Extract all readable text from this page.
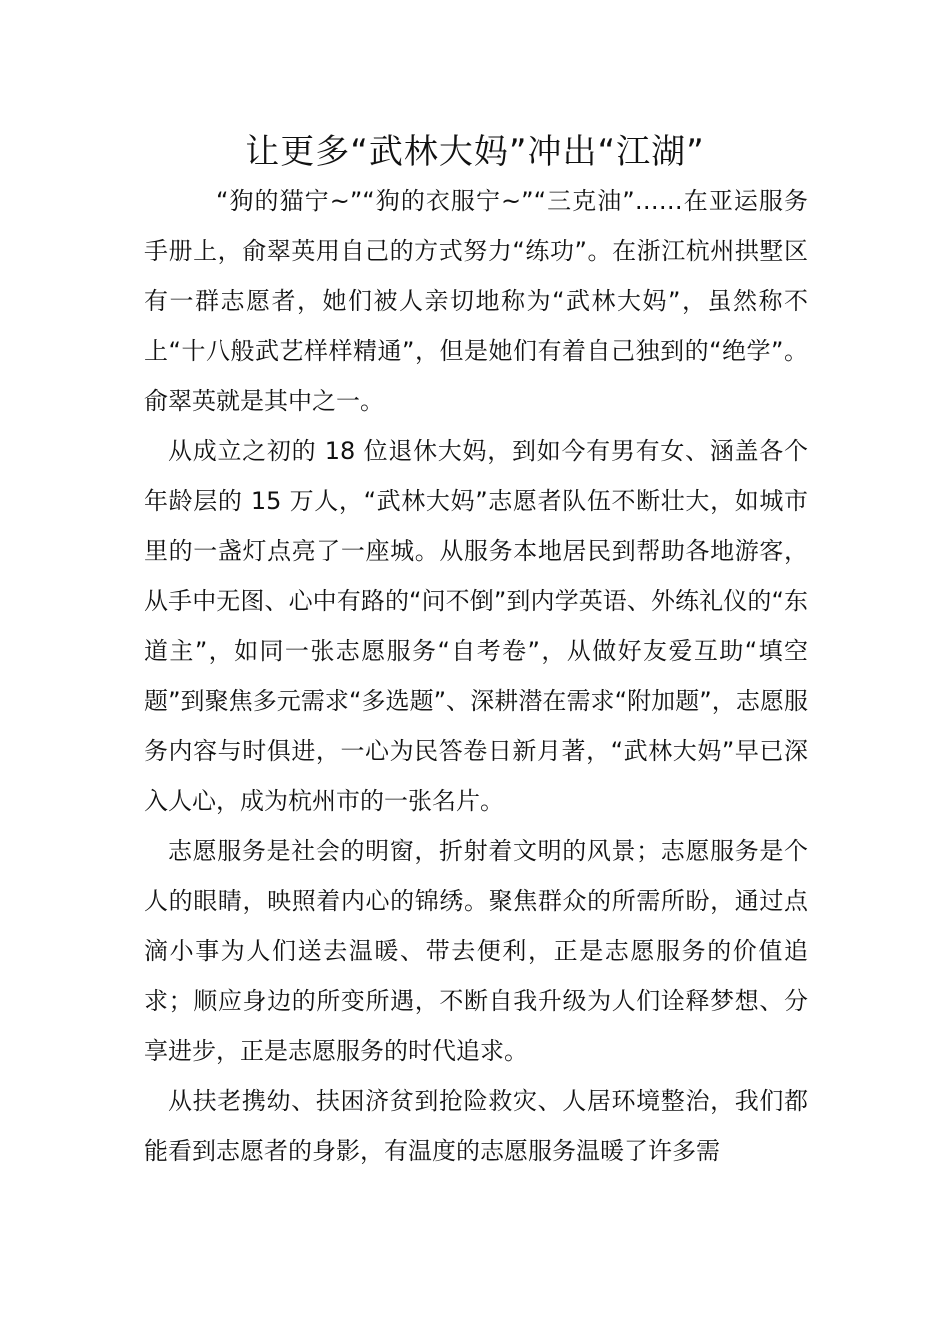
让更多“武林大妈”冲出“江湖”

“狗的猫宁~”“狗的衣服宁~”“三克油”……在亚运服务手册上，俞翠英用自己的方式努力“练功”。在浙江杭州拱墅区有一群志愿者，她们被人亲切地称为“武林大妈”，虽然称不上“十八般武艺样样精通”，但是她们有着自己独到的“绝学”。俞翠英就是其中之一。

从成立之初的 18 位退休大妈，到如今有男有女、涵盖各个年龄层的 15 万人，“武林大妈”志愿者队伍不断壮大，如城市里的一盏灯点亮了一座城。从服务本地居民到帮助各地游客，从手中无图、心中有路的“问不倒”到内学英语、外练礼仪的“东道主”，如同一张志愿服务“自考卷”，从做好友爱互助“填空题”到聚焦多元需求“多选题”、深耕潜在需求“附加题”，志愿服务内容与时俱进，一心为民答卷日新月著，“武林大妈”早已深入人心，成为杭州市的一张名片。

志愿服务是社会的明窗，折射着文明的风景；志愿服务是个人的眼睛，映照着内心的锦绣。聚焦群众的所需所盼，通过点滴小事为人们送去温暖、带去便利，正是志愿服务的价值追求；顺应身边的所变所遇，不断自我升级为人们诠释梦想、分享进步，正是志愿服务的时代追求。

从扶老携幼、扶困济贫到抢险救灾、人居环境整治，我们都能看到志愿者的身影，有温度的志愿服务温暖了许多需
